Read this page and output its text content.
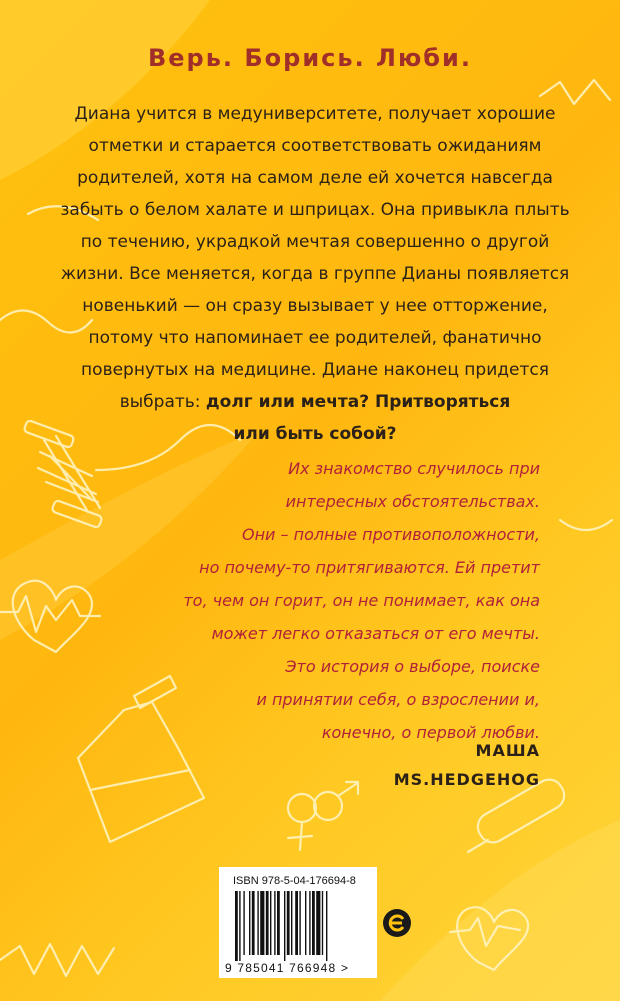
Верь. Борись. Люби.

Диана учится в медуниверситете, получает хорошие

отметки и старается соответствовать ожиданиям

родителей, хотя на самом деле ей хочется навсегда

забыть о белом халате и шприцах. Она привыкла плыть

по течению, украдкой мечтая совершенно о другой

жизни. Все меняется, когда в группе Дианы появляется

новенький — он сразу вызывает у нее отторжение,

потому что напоминает ее родителей, фанатично

повернутых на медицине. Диане наконец придется

выбрать: долг или мечта? Притворяться

или быть собой?

Их знакомство случилось при

интересных обстоятельствах.

Они – полные противоположности,

но почему-то притягиваются. Ей претит

то, чем он горит, он не понимает, как она

может легко отказаться от его мечты.

Это история о выборе, поиске

и принятии себя, о взрослении и,

конечно, о первой любви.

МАША
MS.HEDGEHOG
ISBN 978-5-04-176694-8
9 785041 766948 >
